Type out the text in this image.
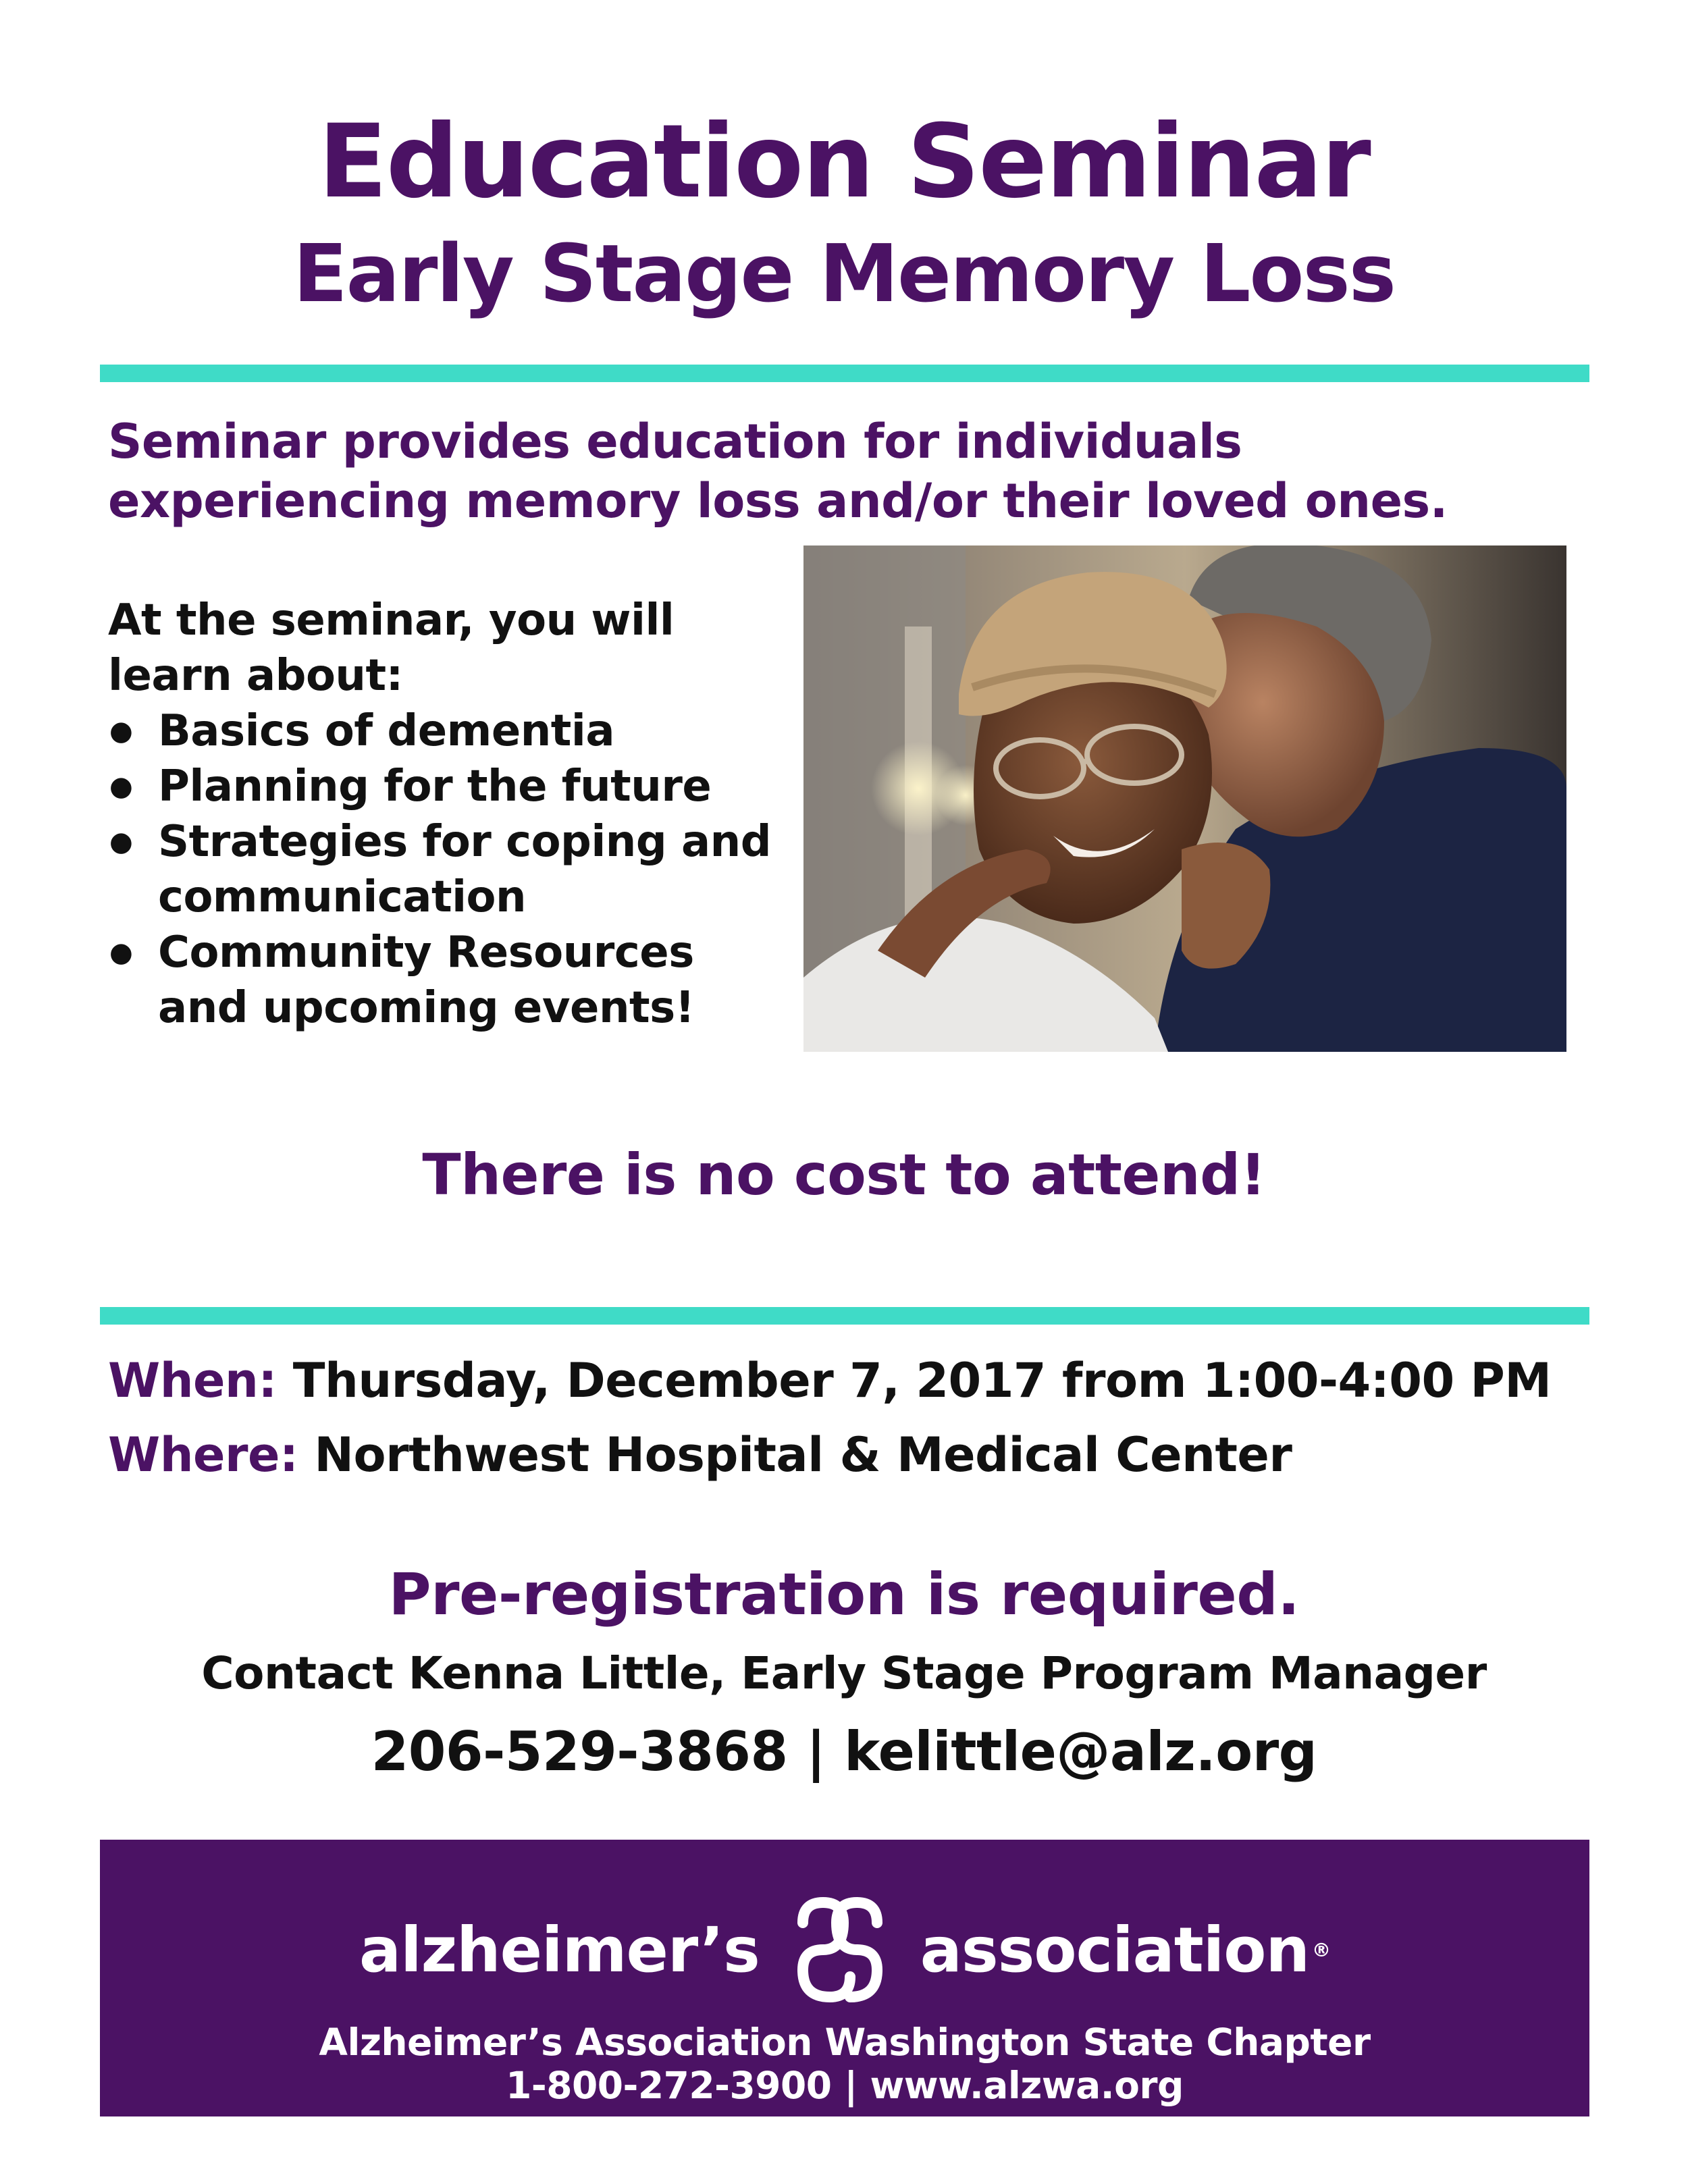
Education Seminar
Early Stage Memory Loss
Seminar provides education for individuals
experiencing memory loss and/or their loved ones.
At the seminar, you will
learn about:
● Basics of dementia
● Planning for the future
● Strategies for coping and
communication
● Community Resources
and upcoming events!
There is no cost to attend!
When: Thursday, December 7, 2017 from 1:00-4:00 PM
Where: Northwest Hospital & Medical Center
Pre-registration is required.
Contact Kenna Little, Early Stage Program Manager
206-529-3868 | kelittle@alz.org
alzheimer’s	association ®
Alzheimer’s Association Washington State Chapter
1-800-272-3900 | www.alzwa.org
